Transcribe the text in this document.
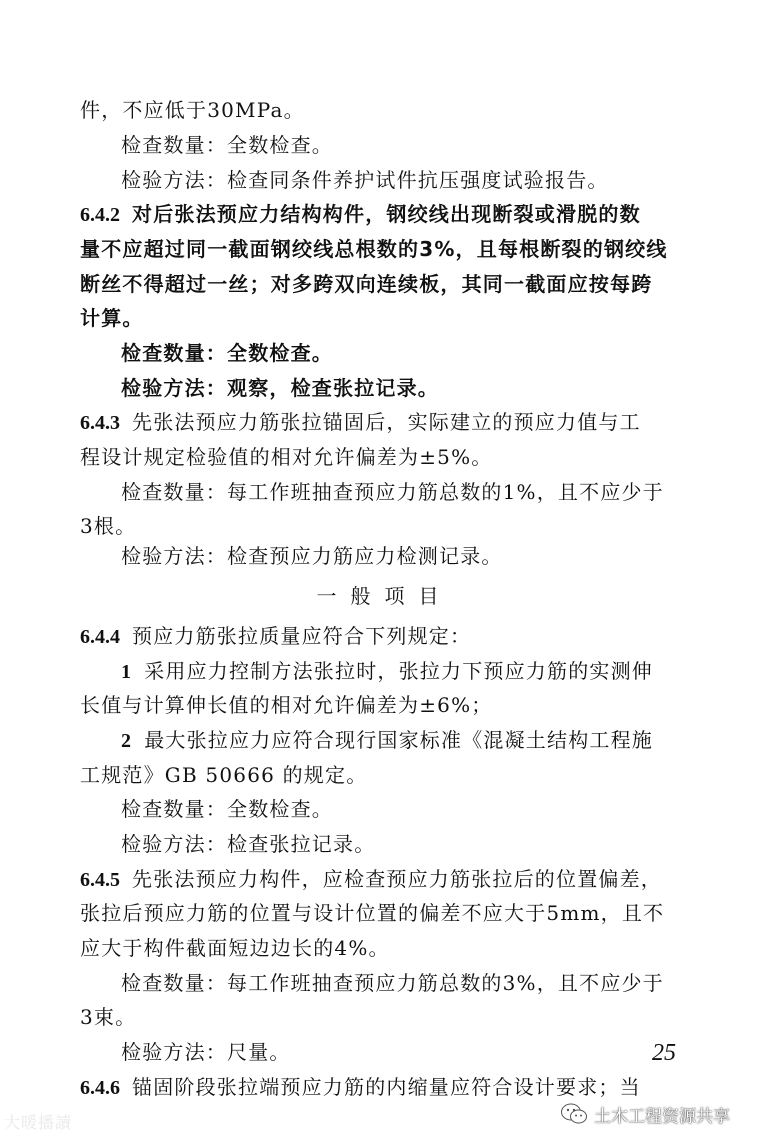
件，不应低于30MPa。
检查数量：全数检查。
检验方法：检查同条件养护试件抗压强度试验报告。
6.4.2 对后张法预应力结构构件，钢绞线出现断裂或滑脱的数
量不应超过同一截面钢绞线总根数的3%，且每根断裂的钢绞线
断丝不得超过一丝；对多跨双向连续板，其同一截面应按每跨
计算。
检查数量：全数检查。
检验方法：观察，检查张拉记录。
6.4.3 先张法预应力筋张拉锚固后，实际建立的预应力值与工
程设计规定检验值的相对允许偏差为±5%。
检查数量：每工作班抽查预应力筋总数的1%，且不应少于
3根。
检验方法：检查预应力筋应力检测记录。
一般项目
6.4.4 预应力筋张拉质量应符合下列规定：
1 采用应力控制方法张拉时，张拉力下预应力筋的实测伸
长值与计算伸长值的相对允许偏差为±6%；
2 最大张拉应力应符合现行国家标准《混凝土结构工程施
工规范》GB 50666 的规定。
检查数量：全数检查。
检验方法：检查张拉记录。
6.4.5 先张法预应力构件，应检查预应力筋张拉后的位置偏差，
张拉后预应力筋的位置与设计位置的偏差不应大于5mm，且不
应大于构件截面短边边长的4%。
检查数量：每工作班抽查预应力筋总数的3%，且不应少于
3束。
检验方法：尺量。
6.4.6 锚固阶段张拉端预应力筋的内缩量应符合设计要求；当
25
大暖播讀	土木工程资源共享
